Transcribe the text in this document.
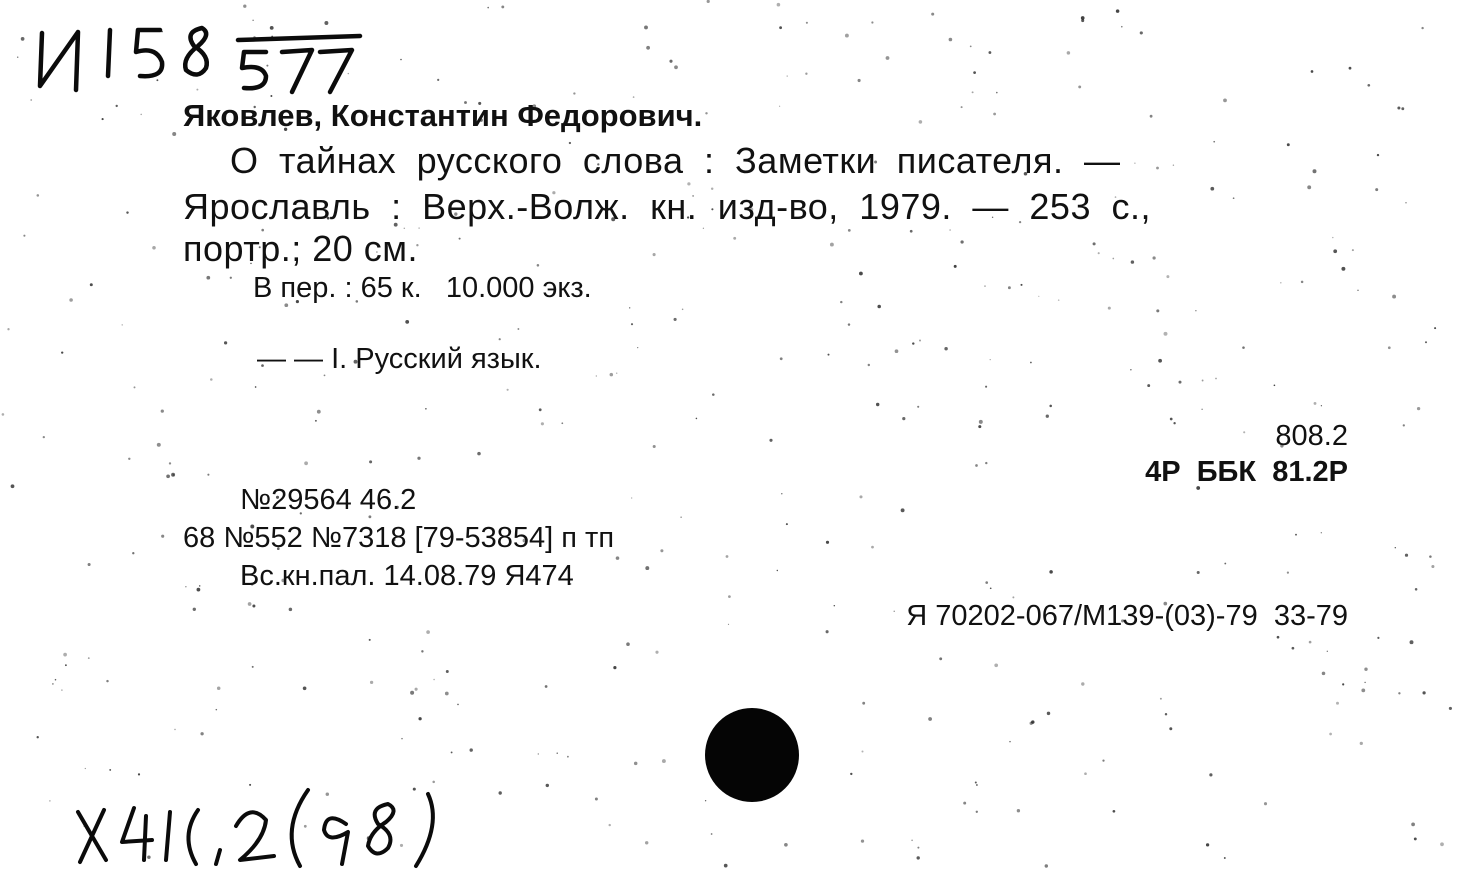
Яковлев, Константин Федорович.
О тайнах русского слова : Заметки писателя. —
Ярославль : Верх.-Волж. кн. изд-во, 1979. — 253 с.,
портр.; 20 см.
В пер. : 65 к.   10.000 экз.
— — I. Русский язык.
808.2
4Р  ББК  81.2Р
№29564 46.2
68 №552 №7318 [79-53854] п тп
Вс.кн.пал. 14.08.79 Я474
Я 70202-067/М139-(03)-79  33-79
